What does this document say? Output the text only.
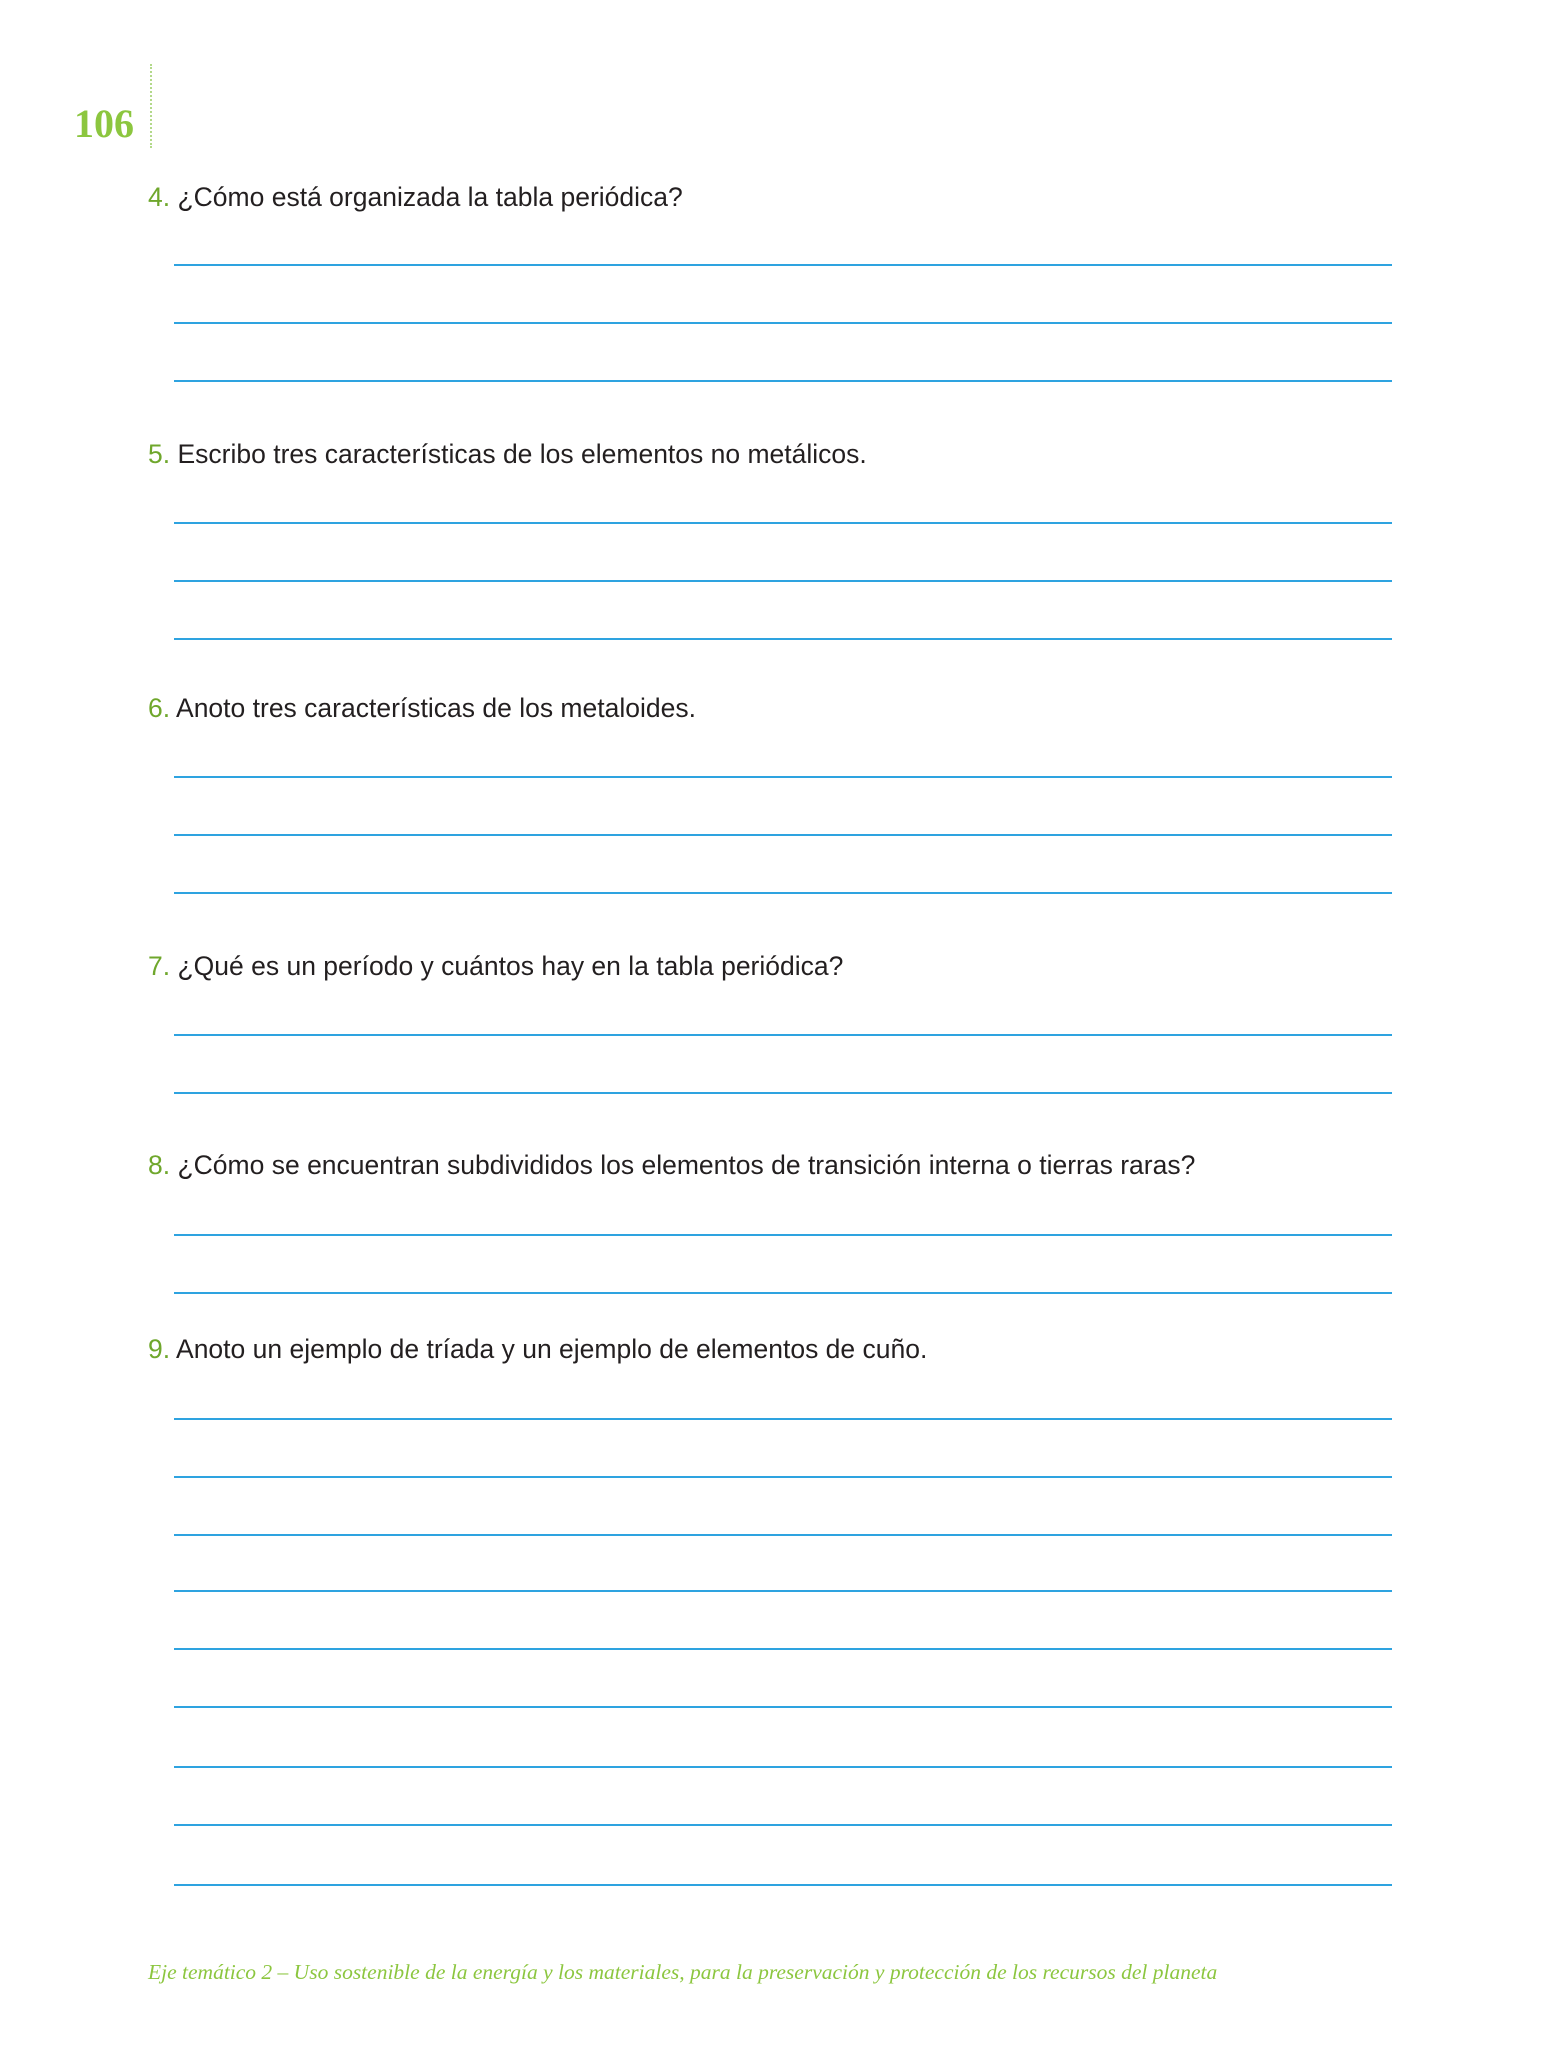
106
4. ¿Cómo está organizada la tabla periódica?
5. Escribo tres características de los elementos no metálicos.
6. Anoto tres características de los metaloides.
7. ¿Qué es un período y cuántos hay en la tabla periódica?
8. ¿Cómo se encuentran subdivididos los elementos de transición interna o tierras raras?
9. Anoto un ejemplo de tríada y un ejemplo de elementos de cuño.
Eje temático 2 – Uso sostenible de la energía y los materiales, para la preservación y protección de los recursos del planeta
